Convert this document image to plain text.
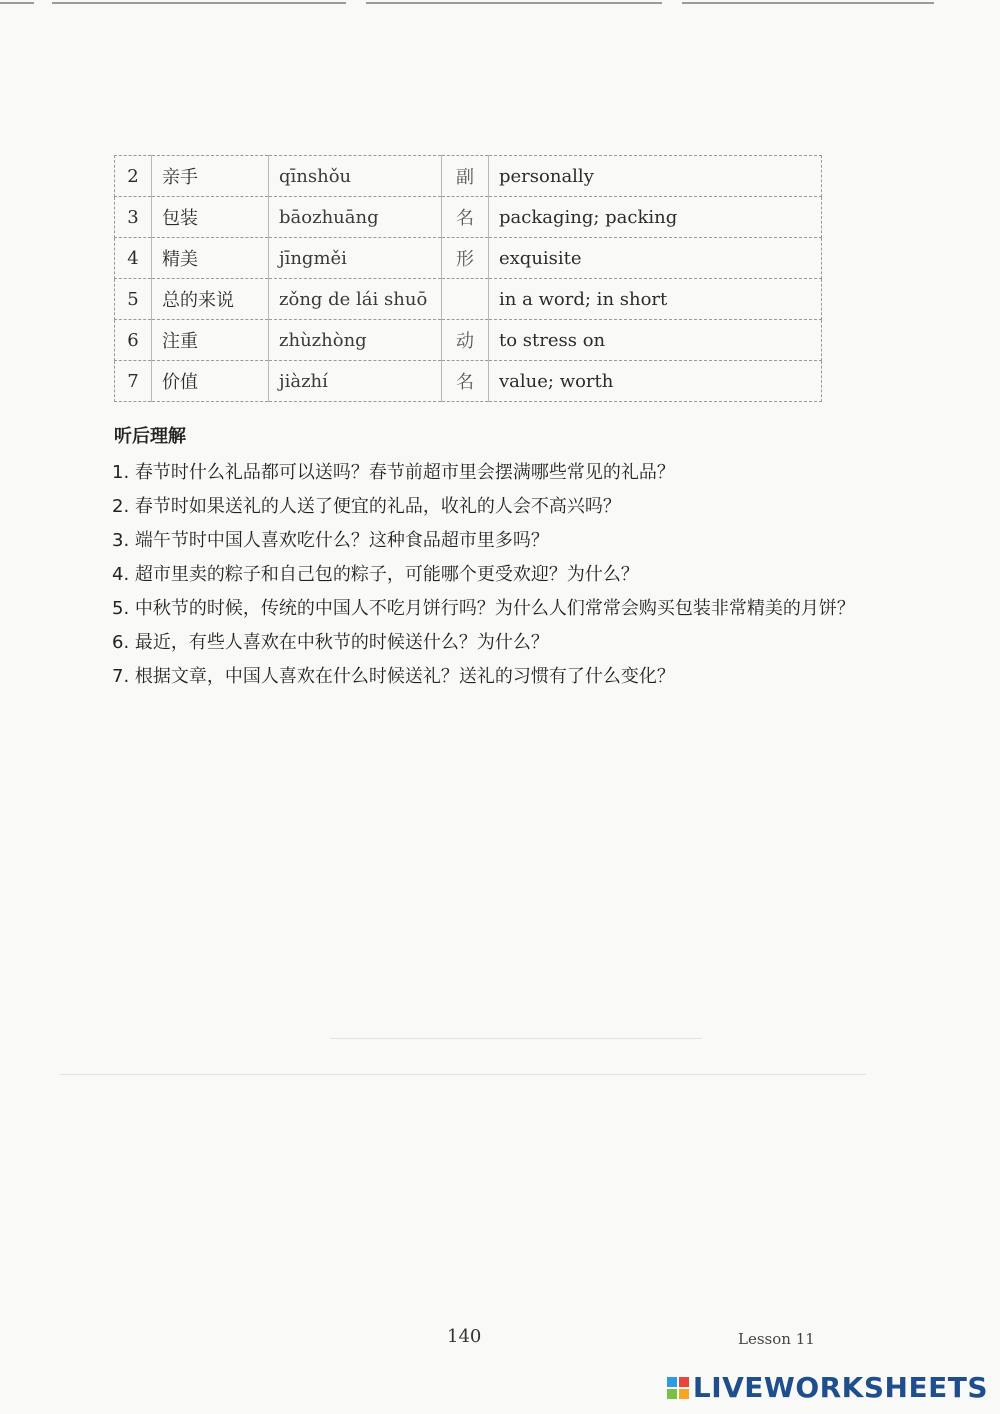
2	亲手	qīnshǒu	副	personally
3	包装	bāozhuāng	名	packaging; packing
4	精美	jīngměi	形	exquisite
5	总的来说	zǒng de lái shuō		in a word; in short
6	注重	zhùzhòng	动	to stress on
7	价值	jiàzhí	名	value; worth
听后理解
1. 春节时什么礼品都可以送吗？春节前超市里会摆满哪些常见的礼品？
2. 春节时如果送礼的人送了便宜的礼品，收礼的人会不高兴吗？
3. 端午节时中国人喜欢吃什么？这种食品超市里多吗？
4. 超市里卖的粽子和自己包的粽子，可能哪个更受欢迎？为什么？
5. 中秋节的时候，传统的中国人不吃月饼行吗？为什么人们常常会购买包装非常精美的月饼？
6. 最近，有些人喜欢在中秋节的时候送什么？为什么？
7. 根据文章，中国人喜欢在什么时候送礼？送礼的习惯有了什么变化？
140	Lesson 11
LIVEWORKSHEETS
